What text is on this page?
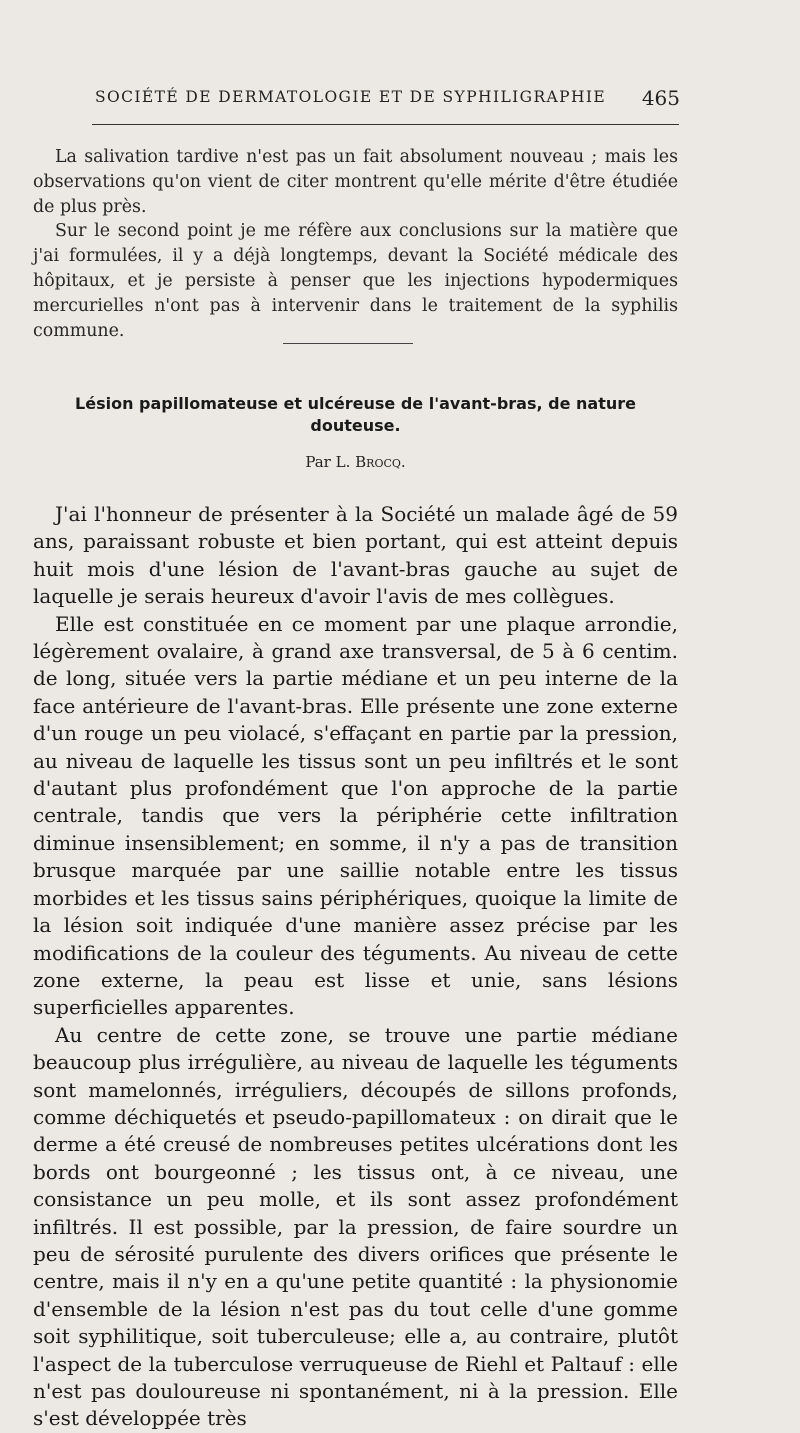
SOCIÉTÉ DE DERMATOLOGIE ET DE SYPHILIGRAPHIE 465

La salivation tardive n'est pas un fait absolument nouveau ; mais les observations qu'on vient de citer montrent qu'elle mérite d'être étudiée de plus près.

Sur le second point je me réfère aux conclusions sur la matière que j'ai formulées, il y a déjà longtemps, devant la Société médicale des hôpitaux, et je persiste à penser que les injections hypodermiques mercurielles n'ont pas à intervenir dans le traitement de la syphilis commune.

Lésion papillomateuse et ulcéreuse de l'avant-bras, de nature douteuse.
Par L. Brocq.

J'ai l'honneur de présenter à la Société un malade âgé de 59 ans, paraissant robuste et bien portant, qui est atteint depuis huit mois d'une lésion de l'avant-bras gauche au sujet de laquelle je serais heureux d'avoir l'avis de mes collègues.

Elle est constituée en ce moment par une plaque arrondie, légèrement ovalaire, à grand axe transversal, de 5 à 6 centim. de long, située vers la partie médiane et un peu interne de la face antérieure de l'avant-bras. Elle présente une zone externe d'un rouge un peu violacé, s'effaçant en partie par la pression, au niveau de laquelle les tissus sont un peu infiltrés et le sont d'autant plus profondément que l'on approche de la partie centrale, tandis que vers la périphérie cette infiltration diminue insensiblement; en somme, il n'y a pas de transition brusque marquée par une saillie notable entre les tissus morbides et les tissus sains périphériques, quoique la limite de la lésion soit indiquée d'une manière assez précise par les modifications de la couleur des téguments. Au niveau de cette zone externe, la peau est lisse et unie, sans lésions superficielles apparentes.

Au centre de cette zone, se trouve une partie médiane beaucoup plus irrégulière, au niveau de laquelle les téguments sont mamelonnés, irréguliers, découpés de sillons profonds, comme déchiquetés et pseudo-papillomateux : on dirait que le derme a été creusé de nombreuses petites ulcérations dont les bords ont bourgeonné ; les tissus ont, à ce niveau, une consistance un peu molle, et ils sont assez profondément infiltrés. Il est possible, par la pression, de faire sourdre un peu de sérosité purulente des divers orifices que présente le centre, mais il n'y en a qu'une petite quantité : la physionomie d'ensemble de la lésion n'est pas du tout celle d'une gomme soit syphilitique, soit tuberculeuse; elle a, au contraire, plutôt l'aspect de la tuberculose verruqueuse de Riehl et Paltauf : elle n'est pas douloureuse ni spontanément, ni à la pression. Elle s'est développée très
